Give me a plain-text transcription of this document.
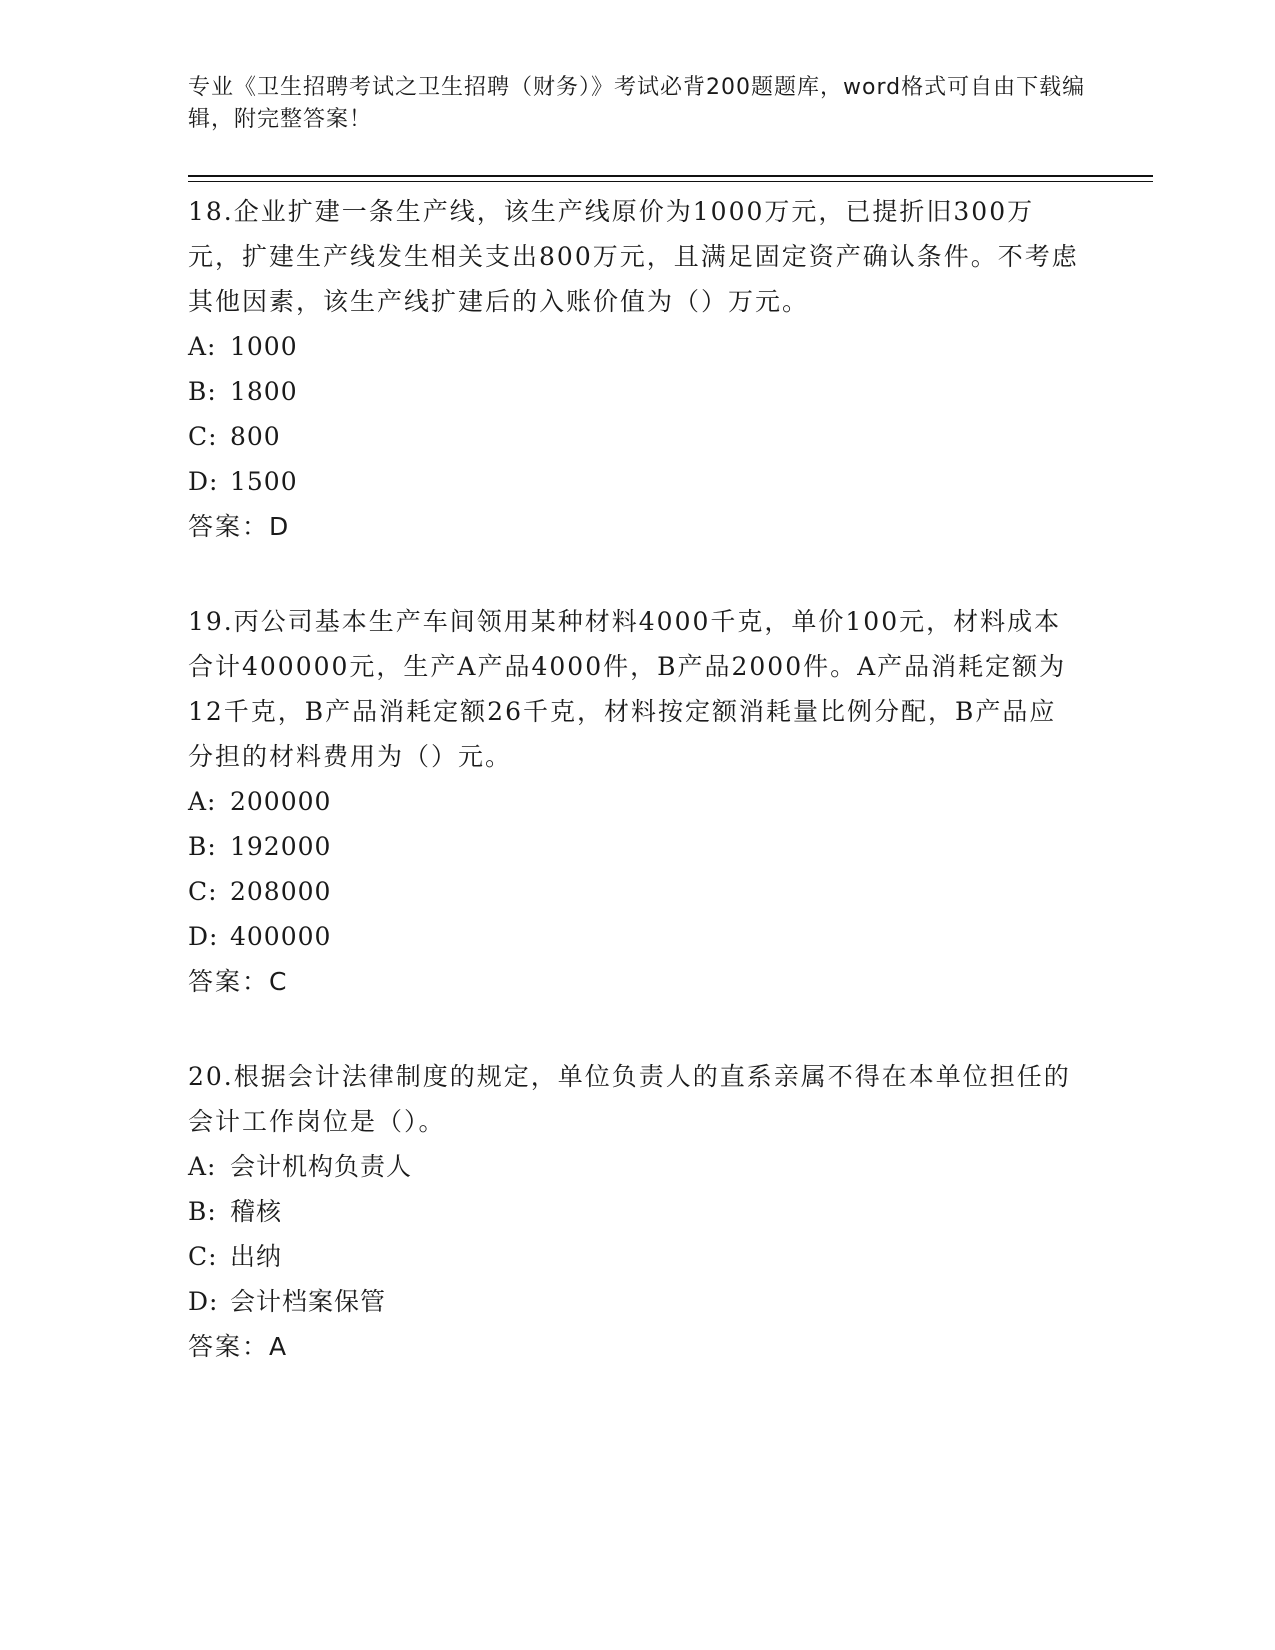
专业《卫生招聘考试之卫生招聘（财务）》考试必背200题题库，word格式可自由下载编辑，附完整答案！

18.企业扩建一条生产线，该生产线原价为1000万元，已提折旧300万元，扩建生产线发生相关支出800万元，且满足固定资产确认条件。不考虑其他因素，该生产线扩建后的入账价值为（）万元。

A: 1000

B: 1800

C: 800

D: 1500

答案：D

19.丙公司基本生产车间领用某种材料4000千克，单价100元，材料成本合计400000元，生产A产品4000件，B产品2000件。A产品消耗定额为12千克，B产品消耗定额26千克，材料按定额消耗量比例分配，B产品应分担的材料费用为（）元。

A: 200000

B: 192000

C: 208000

D: 400000

答案：C

20.根据会计法律制度的规定，单位负责人的直系亲属不得在本单位担任的会计工作岗位是（）。

A: 会计机构负责人

B: 稽核

C: 出纳

D: 会计档案保管

答案：A
